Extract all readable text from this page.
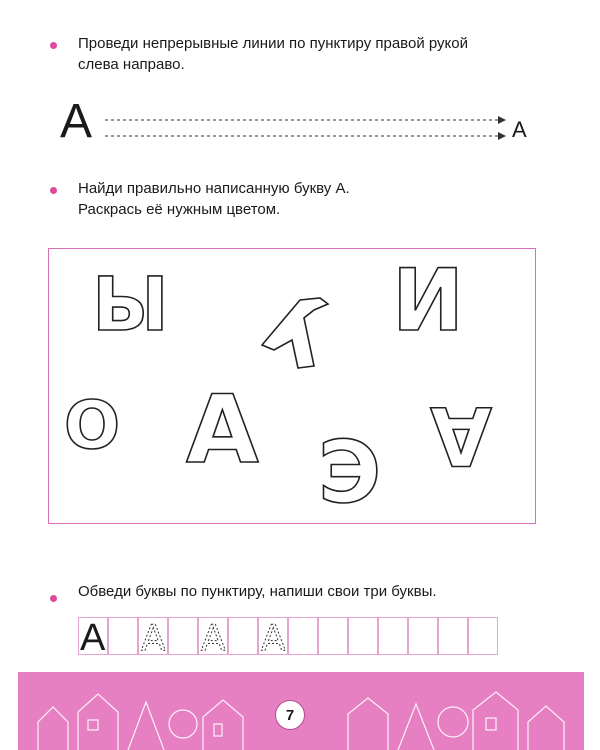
Проведи непрерывные линии по пунктиру правой рукой
слева направо.
А	А
Найди правильно написанную букву А.
Раскрась её нужным цветом.
Ы	И
О А Э А
Обведи буквы по пунктиру, напиши свои три буквы.
А А А А
7
